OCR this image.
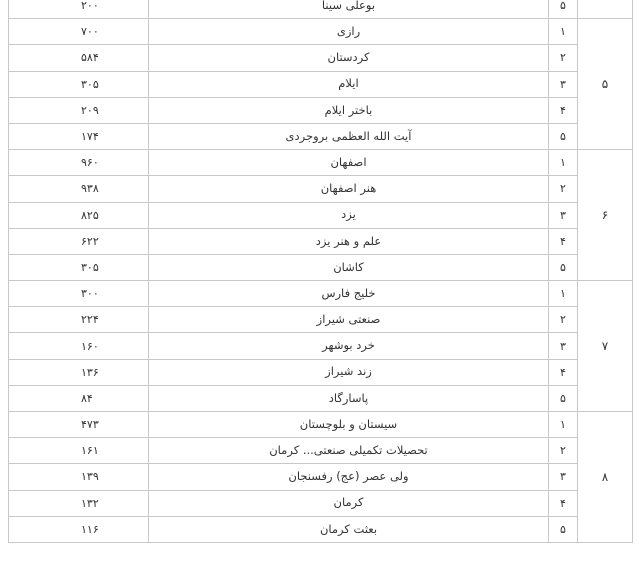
	۵	بوعلی سینا	۲۰۰
۵	۱	رازی	۷۰۰
	۲	کردستان	۵۸۴
	۳	ایلام	۳۰۵
	۴	باختر ایلام	۲۰۹
	۵	آیت الله العظمی بروجردی	۱۷۴
۶	۱	اصفهان	۹۶۰
	۲	هنر اصفهان	۹۳۸
	۳	یزد	۸۲۵
	۴	علم و هنر یزد	۶۲۲
	۵	کاشان	۳۰۵
۷	۱	خلیج فارس	۳۰۰
	۲	صنعتی شیراز	۲۲۴
	۳	خرد بوشهر	۱۶۰
	۴	زند شیراز	۱۳۶
	۵	پاسارگاد	۸۴
۸	۱	سیستان و بلوچستان	۴۷۳
	۲	تحصیلات تکمیلی صنعتی... کرمان	۱۶۱
	۳	ولی عصر (عج) رفسنجان	۱۳۹
	۴	کرمان	۱۳۲
	۵	بعثت کرمان	۱۱۶
